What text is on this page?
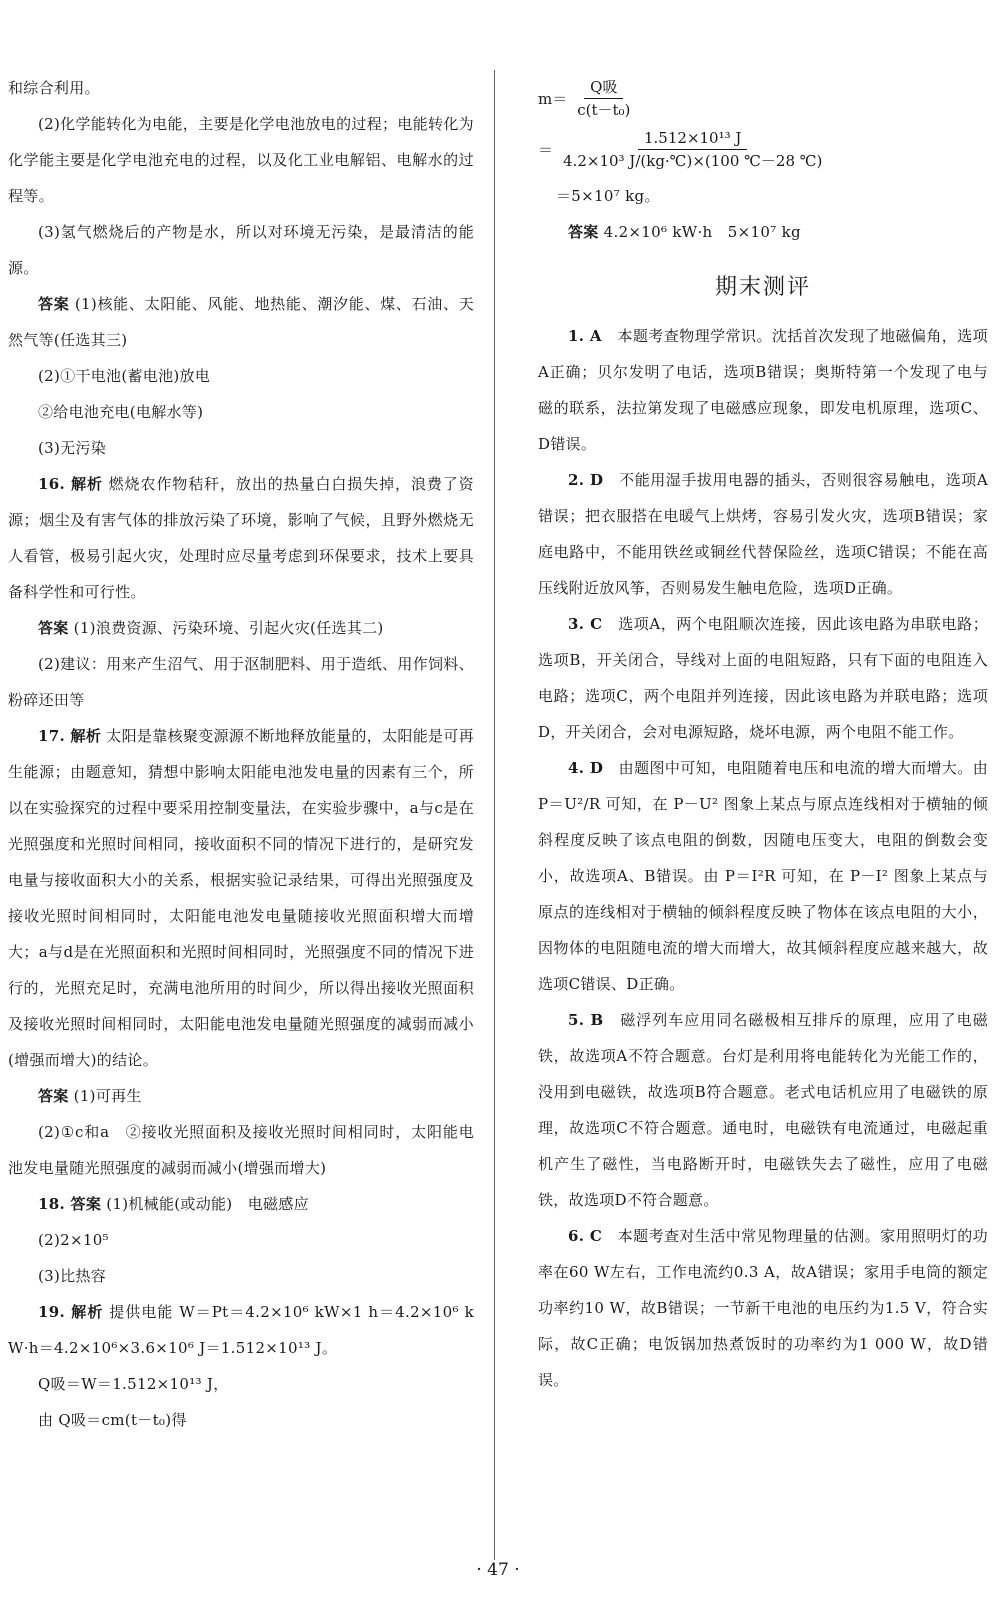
和综合利用。

(2)化学能转化为电能，主要是化学电池放电的过程；电能转化为化学能主要是化学电池充电的过程，以及化工业电解铝、电解水的过程等。

(3)氢气燃烧后的产物是水，所以对环境无污染，是最清洁的能源。

答案 (1)核能、太阳能、风能、地热能、潮汐能、煤、石油、天然气等(任选其三)

(2)①干电池(蓄电池)放电

②给电池充电(电解水等)

(3)无污染

16. 解析 燃烧农作物秸秆，放出的热量白白损失掉，浪费了资源；烟尘及有害气体的排放污染了环境，影响了气候，且野外燃烧无人看管，极易引起火灾，处理时应尽量考虑到环保要求，技术上要具备科学性和可行性。

答案 (1)浪费资源、污染环境、引起火灾(任选其二)

(2)建议：用来产生沼气、用于沤制肥料、用于造纸、用作饲料、粉碎还田等

17. 解析 太阳是靠核聚变源源不断地释放能量的，太阳能是可再生能源；由题意知，猜想中影响太阳能电池发电量的因素有三个，所以在实验探究的过程中要采用控制变量法，在实验步骤中，a与c是在光照强度和光照时间相同，接收面积不同的情况下进行的，是研究发电量与接收面积大小的关系，根据实验记录结果，可得出光照强度及接收光照时间相同时，太阳能电池发电量随接收光照面积增大而增大；a与d是在光照面积和光照时间相同时，光照强度不同的情况下进行的，光照充足时，充满电池所用的时间少，所以得出接收光照面积及接收光照时间相同时，太阳能电池发电量随光照强度的减弱而减小(增强而增大)的结论。

答案 (1)可再生

(2)①c和a　②接收光照面积及接收光照时间相同时，太阳能电池发电量随光照强度的减弱而减小(增强而增大)

18. 答案 (1)机械能(或动能)　电磁感应

(2)2×10⁵

(3)比热容

19. 解析 提供电能 W＝Pt＝4.2×10⁶ kW×1 h＝4.2×10⁶ kW·h＝4.2×10⁶×3.6×10⁶ J＝1.512×10¹³ J。

Q吸＝W＝1.512×10¹³ J，

由 Q吸＝cm(t－t₀)得

$m= \frac{\text{Q吸}}{\text{c(t－t₀)}}$
＝ $\frac{\text{1.512×10¹³ J}}{\text{4.2×10³ J/(kg·℃)×(100 ℃－28 ℃)}}$

＝5×10⁷ kg。

答案 4.2×10⁶ kW·h　5×10⁷ kg

期末测评

1. A　本题考查物理学常识。沈括首次发现了地磁偏角，选项A正确；贝尔发明了电话，选项B错误；奥斯特第一个发现了电与磁的联系，法拉第发现了电磁感应现象，即发电机原理，选项C、D错误。

2. D　不能用湿手拔用电器的插头，否则很容易触电，选项A错误；把衣服搭在电暖气上烘烤，容易引发火灾，选项B错误；家庭电路中，不能用铁丝或铜丝代替保险丝，选项C错误；不能在高压线附近放风筝，否则易发生触电危险，选项D正确。

3. C　选项A，两个电阻顺次连接，因此该电路为串联电路；选项B，开关闭合，导线对上面的电阻短路，只有下面的电阻连入电路；选项C，两个电阻并列连接，因此该电路为并联电路；选项D，开关闭合，会对电源短路，烧坏电源，两个电阻不能工作。

4. D　由题图中可知，电阻随着电压和电流的增大而增大。由 P＝U²/R 可知，在 P－U² 图象上某点与原点连线相对于横轴的倾斜程度反映了该点电阻的倒数，因随电压变大，电阻的倒数会变小，故选项A、B错误。由 P＝I²R 可知，在 P－I² 图象上某点与原点的连线相对于横轴的倾斜程度反映了物体在该点电阻的大小，因物体的电阻随电流的增大而增大，故其倾斜程度应越来越大，故选项C错误、D正确。

5. B　磁浮列车应用同名磁极相互排斥的原理，应用了电磁铁，故选项A不符合题意。台灯是利用将电能转化为光能工作的，没用到电磁铁，故选项B符合题意。老式电话机应用了电磁铁的原理，故选项C不符合题意。通电时，电磁铁有电流通过，电磁起重机产生了磁性，当电路断开时，电磁铁失去了磁性，应用了电磁铁，故选项D不符合题意。

6. C　本题考查对生活中常见物理量的估测。家用照明灯的功率在60 W左右，工作电流约0.3 A，故A错误；家用手电筒的额定功率约10 W，故B错误；一节新干电池的电压约为1.5 V，符合实际，故C正确；电饭锅加热煮饭时的功率约为1 000 W，故D错误。

· 47 ·
